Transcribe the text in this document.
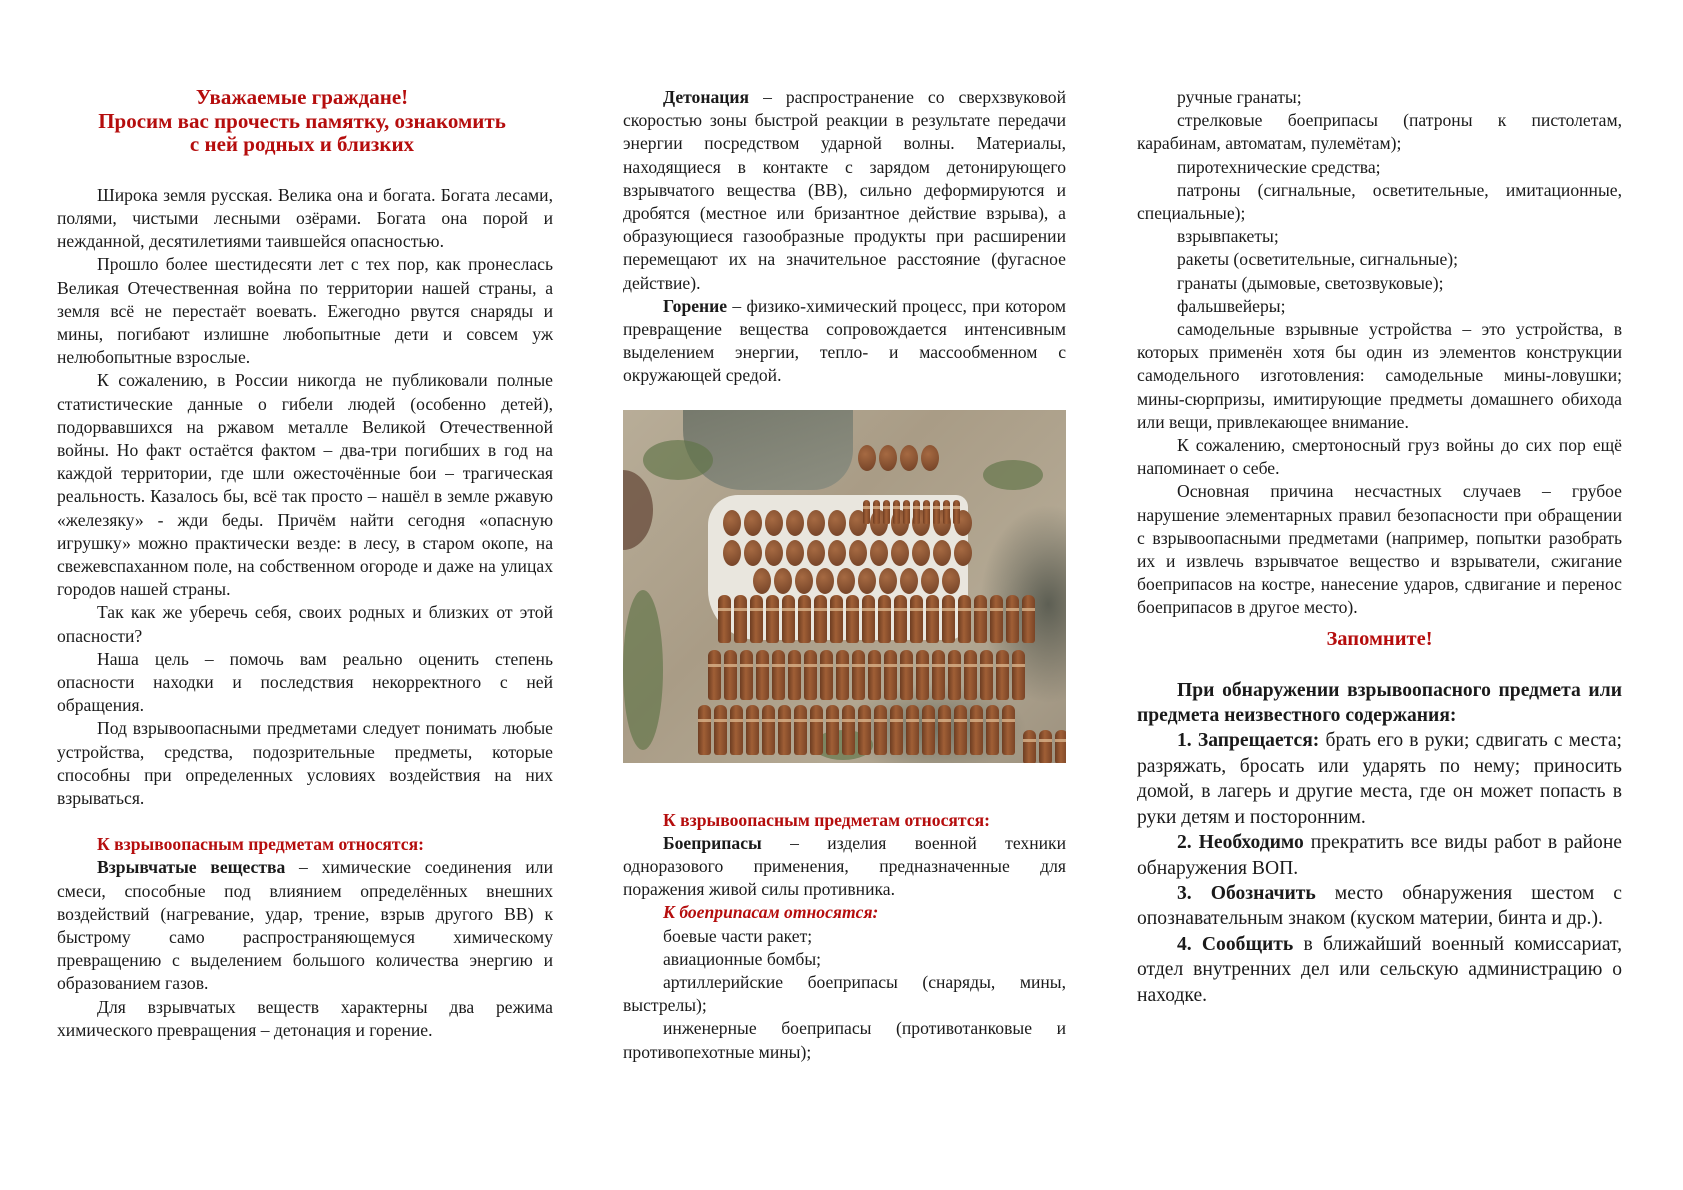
Уважаемые граждане!
Просим вас прочесть памятку, ознакомить
с ней родных и близких

Широка земля русская. Велика она и богата. Богата лесами, полями, чистыми лесными озёрами. Богата она порой и нежданной, десятилетиями таившейся опасностью.

Прошло более шестидесяти лет с тех пор, как пронеслась Великая Отечественная война по территории нашей страны, а земля всё не перестаёт воевать. Ежегодно рвутся снаряды и мины, погибают излишне любопытные дети и совсем уж нелюбопытные взрослые.

К сожалению, в России никогда не публиковали полные статистические данные о гибели людей (особенно детей), подорвавшихся на ржавом металле Великой Отечественной войны. Но факт остаётся фактом – два-три погибших в год на каждой территории, где шли ожесточённые бои – трагическая реальность. Казалось бы, всё так просто – нашёл в земле ржавую «железяку» - жди беды. Причём найти сегодня «опасную игрушку» можно практически везде: в лесу, в старом окопе, на свежевспаханном поле, на собственном огороде и даже на улицах городов нашей страны.

Так как же уберечь себя, своих родных и близких от этой опасности?

Наша цель – помочь вам реально оценить степень опасности находки и последствия некорректного с ней обращения.

Под взрывоопасными предметами следует понимать любые устройства, средства, подозрительные предметы, которые способны при определенных условиях воздействия на них взрываться.

К взрывоопасным предметам относятся:

Взрывчатые вещества – химические соединения или смеси, способные под влиянием определённых внешних воздействий (нагревание, удар, трение, взрыв другого ВВ) к быстрому само распространяющемуся химическому превращению с выделением большого количества энергию и образованием газов.

Для взрывчатых веществ характерны два режима химического превращения – детонация и горение.

Детонация – распространение со сверхзвуковой скоростью зоны быстрой реакции в результате передачи энергии посредством ударной волны. Материалы, находящиеся в контакте с зарядом детонирующего взрывчатого вещества (ВВ), сильно деформируются и дробятся (местное или бризантное действие взрыва), а образующиеся газообразные продукты при расширении перемещают их на значительное расстояние (фугасное действие).

Горение – физико-химический процесс, при котором превращение вещества сопровождается интенсивным выделением энергии, тепло- и массообменном с окружающей средой.

К взрывоопасным предметам относятся:

Боеприпасы – изделия военной техники одноразового применения, предназначенные для поражения живой силы противника.

К боеприпасам относятся:

боевые части ракет;

авиационные бомбы;

артиллерийские боеприпасы (снаряды, мины, выстрелы);

инженерные боеприпасы (противотанковые и противопехотные мины);

ручные гранаты;

стрелковые боеприпасы (патроны к пистолетам, карабинам, автоматам, пулемётам);

пиротехнические средства;

патроны (сигнальные, осветительные, имитационные, специальные);

взрывпакеты;

ракеты (осветительные, сигнальные);

гранаты (дымовые, светозвуковые);

фальшвейеры;

самодельные взрывные устройства – это устройства, в которых применён хотя бы один из элементов конструкции самодельного изготовления: самодельные мины-ловушки; мины-сюрпризы, имитирующие предметы домашнего обихода или вещи, привлекающее внимание.

К сожалению, смертоносный груз войны до сих пор ещё напоминает о себе.

Основная причина несчастных случаев – грубое нарушение элементарных правил безопасности при обращении с взрывоопасными предметами (например, попытки разобрать их и извлечь взрывчатое вещество и взрыватели, сжигание боеприпасов на костре, нанесение ударов, сдвигание и перенос боеприпасов в другое место).

Запомните!

При обнаружении взрывоопасного предмета или предмета неизвестного содержания:

1. Запрещается: брать его в руки; сдвигать с места; разряжать, бросать или ударять по нему; приносить домой, в лагерь и другие места, где он может попасть в руки детям и посторонним.

2. Необходимо прекратить все виды работ в районе обнаружения ВОП.

3. Обозначить место обнаружения шестом с опознавательным знаком (куском материи, бинта и др.).

4. Сообщить в ближайший военный комиссариат, отдел внутренних дел или сельскую администрацию о находке.
